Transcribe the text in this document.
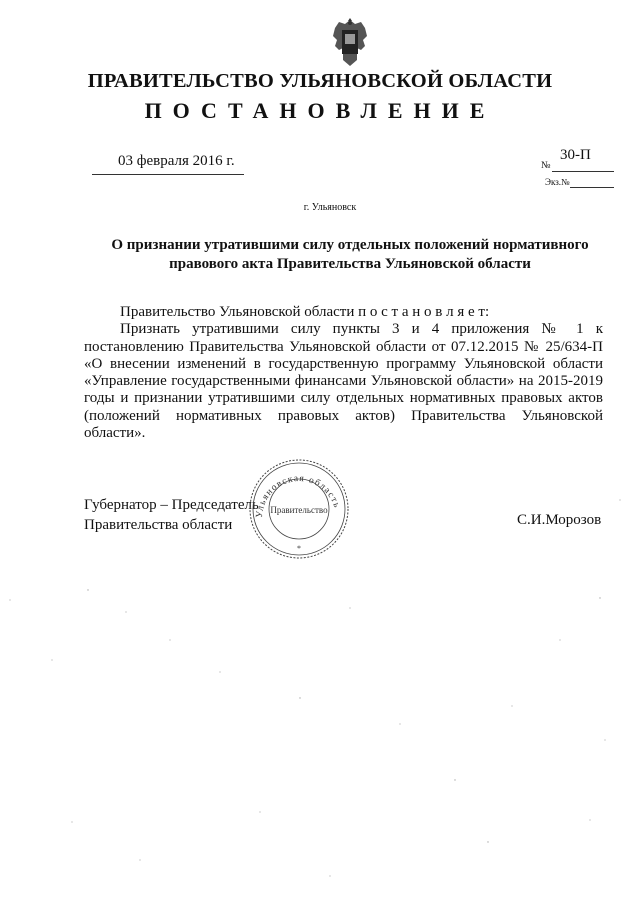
ПРАВИТЕЛЬСТВО УЛЬЯНОВСКОЙ ОБЛАСТИ
ПОСТАНОВЛЕНИЕ
03 февраля 2016 г.	№
30-П
Экз.№
г. Ульяновск
О признании утратившими силу отдельных положений нормативного
правового акта Правительства Ульяновской области

Правительство Ульяновской области п о с т а н о в л я е т:

Признать утратившими силу пункты 3 и 4 приложения № 1 к постановлению Правительства Ульяновской области от 07.12.2015 № 25/634-П «О внесении изменений в государственную программу Ульяновской области «Управление государственными финансами Ульяновской области» на 2015-2019 годы и признании утратившими силу отдельных нормативных правовых актов (положений нормативных правовых актов) Правительства Ульяновской области».

Губернатор – Председатель
Правительства области	С.И.Морозов
Ульяновская область
Правительство
*
